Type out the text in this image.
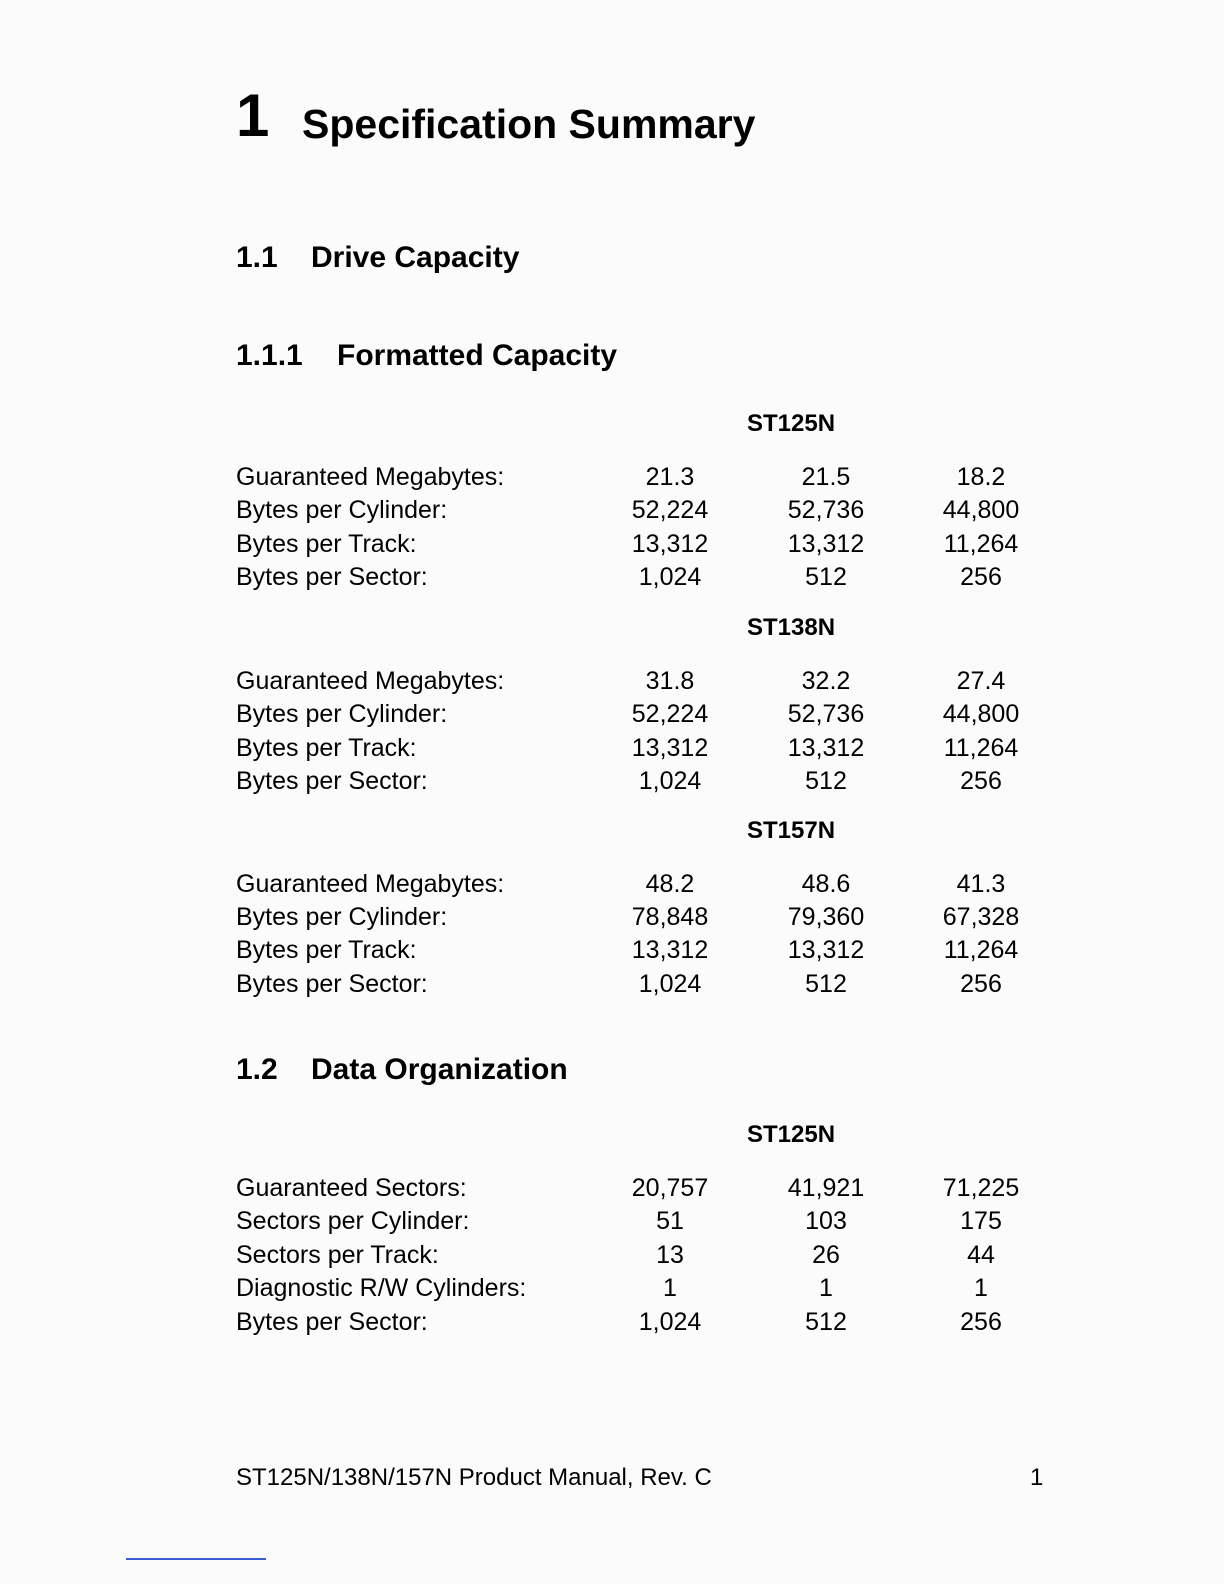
1 Specification Summary
1.1 Drive Capacity
1.1.1 Formatted Capacity
ST125N
Guaranteed Megabytes:	21.3	21.5	18.2
Bytes per Cylinder:	52,224	52,736	44,800
Bytes per Track:	13,312	13,312	11,264
Bytes per Sector:	1,024	512	256
ST138N
Guaranteed Megabytes:	31.8	32.2	27.4
Bytes per Cylinder:	52,224	52,736	44,800
Bytes per Track:	13,312	13,312	11,264
Bytes per Sector:	1,024	512	256
ST157N
Guaranteed Megabytes:	48.2	48.6	41.3
Bytes per Cylinder:	78,848	79,360	67,328
Bytes per Track:	13,312	13,312	11,264
Bytes per Sector:	1,024	512	256
1.2 Data Organization
ST125N
Guaranteed Sectors:	20,757	41,921	71,225
Sectors per Cylinder:	51	103	175
Sectors per Track:	13	26	44
Diagnostic R/W Cylinders:	1	1	1
Bytes per Sector:	1,024	512	256
ST125N/138N/157N Product Manual, Rev. C	1
